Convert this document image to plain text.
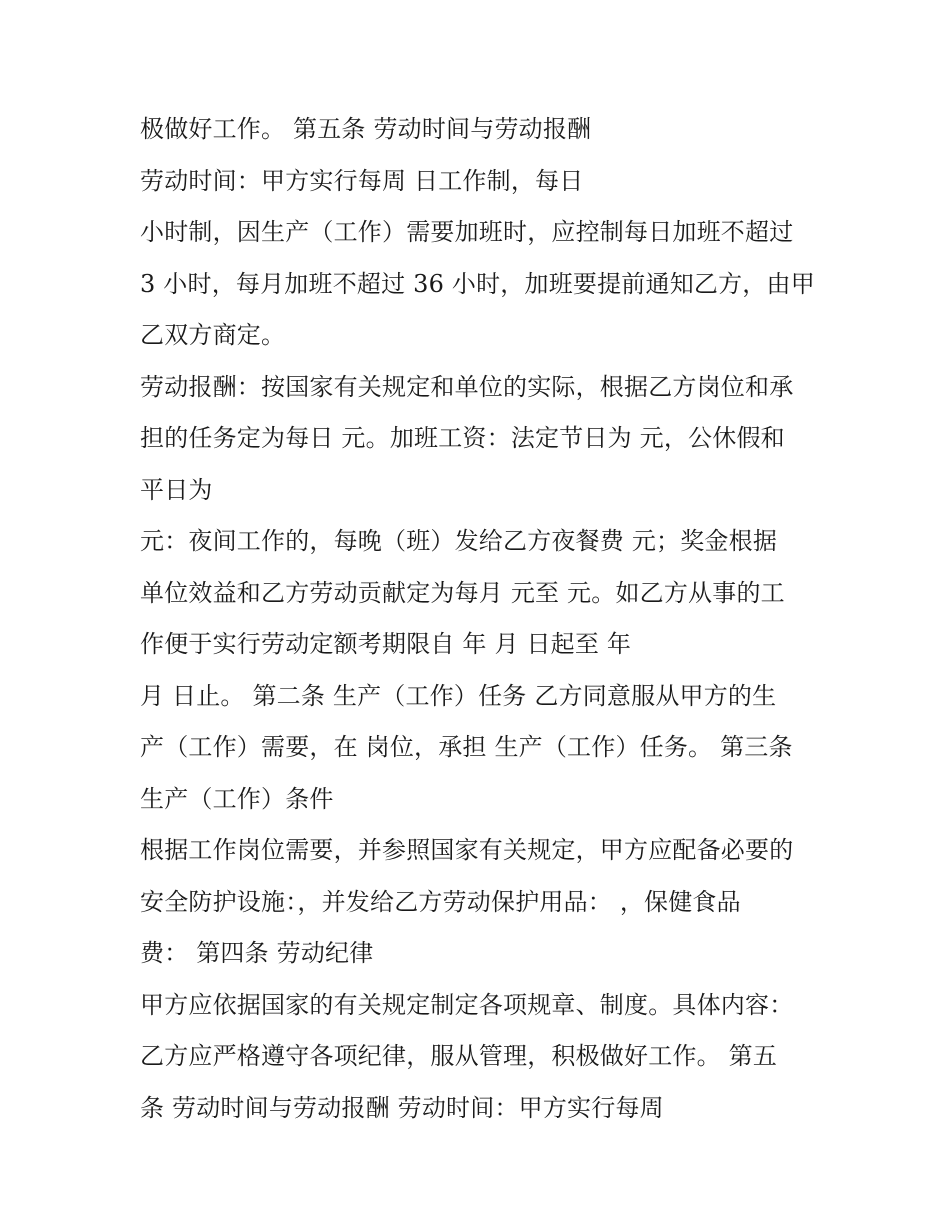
极做好工作。 第五条 劳动时间与劳动报酬
劳动时间：甲方实行每周 日工作制，每日
小时制，因生产（工作）需要加班时，应控制每日加班不超过
3 小时，每月加班不超过 36 小时，加班要提前通知乙方，由甲
乙双方商定。
劳动报酬：按国家有关规定和单位的实际，根据乙方岗位和承
担的任务定为每日 元。加班工资：法定节日为 元，公休假和
平日为
元：夜间工作的，每晚（班）发给乙方夜餐费 元；奖金根据
单位效益和乙方劳动贡献定为每月 元至 元。如乙方从事的工
作便于实行劳动定额考期限自 年 月 日起至 年
月 日止。 第二条 生产（工作）任务 乙方同意服从甲方的生
产（工作）需要，在 岗位，承担 生产（工作）任务。 第三条
生产（工作）条件
根据工作岗位需要，并参照国家有关规定，甲方应配备必要的
安全防护设施：，并发给乙方劳动保护用品： ，保健食品
费： 第四条 劳动纪律
甲方应依据国家的有关规定制定各项规章、制度。具体内容：
乙方应严格遵守各项纪律，服从管理，积极做好工作。 第五
条 劳动时间与劳动报酬 劳动时间：甲方实行每周
